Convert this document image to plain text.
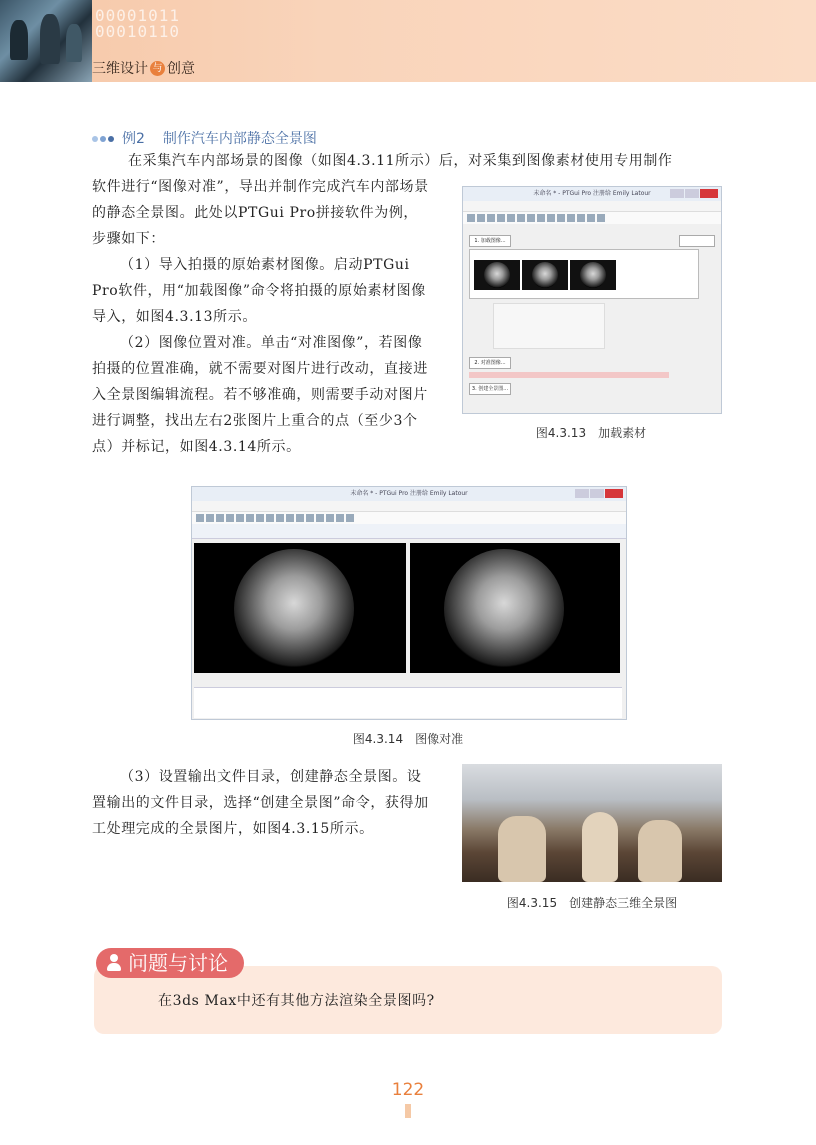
00001011
00010110
三维设计 与 创意
例2 制作汽车内部静态全景图
在采集汽车内部场景的图像（如图4.3.11所示）后，对采集到图像素材使用专用制作

软件进行“图像对准”，导出并制作完成汽车内部场景的静态全景图。此处以PTGui Pro拼接软件为例，步骤如下：

（1）导入拍摄的原始素材图像。启动PTGui Pro软件，用“加载图像”命令将拍摄的原始素材图像导入，如图4.3.13所示。

（2）图像位置对准。单击“对准图像”，若图像拍摄的位置准确，就不需要对图片进行改动，直接进入全景图编辑流程。若不够准确，则需要手动对图片进行调整，找出左右2张图片上重合的点（至少3个点）并标记，如图4.3.14所示。

未命名 * - PTGui Pro 注册给 Emily Latour
1. 加载图像...
2. 对准图像...
3. 创建全景图...
图4.3.13　加载素材
未命名 * - PTGui Pro 注册给 Emily Latour
图4.3.14　图像对准
（3）设置输出文件目录，创建静态全景图。设置输出的文件目录，选择“创建全景图”命令，获得加工处理完成的全景图片，如图4.3.15所示。
图4.3.15　创建静态三维全景图
问题与讨论
在3ds Max中还有其他方法渲染全景图吗?
122
